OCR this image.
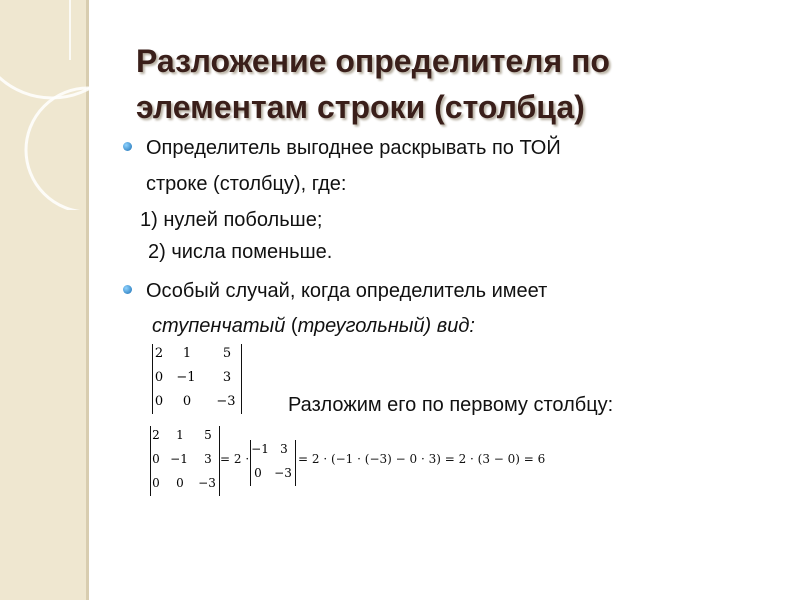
Разложение определителя по
элементам строки (столбца)
Определитель выгоднее раскрывать по ТОЙ
строке (столбцу), где:
1) нулей побольше;
2) числа поменьше.
Особый случай, когда определитель имеет
ступенчатый (треугольный) вид:
2 1 5
0 −1 3
0 0 −3	Разложим его по первому столбцу:
2 1 5
0 −1 3
0 0 −3
= 2 ·
−1 3
0 −3
= 2 · (−1 · (−3) − 0 · 3) = 2 · (3 − 0) = 6
